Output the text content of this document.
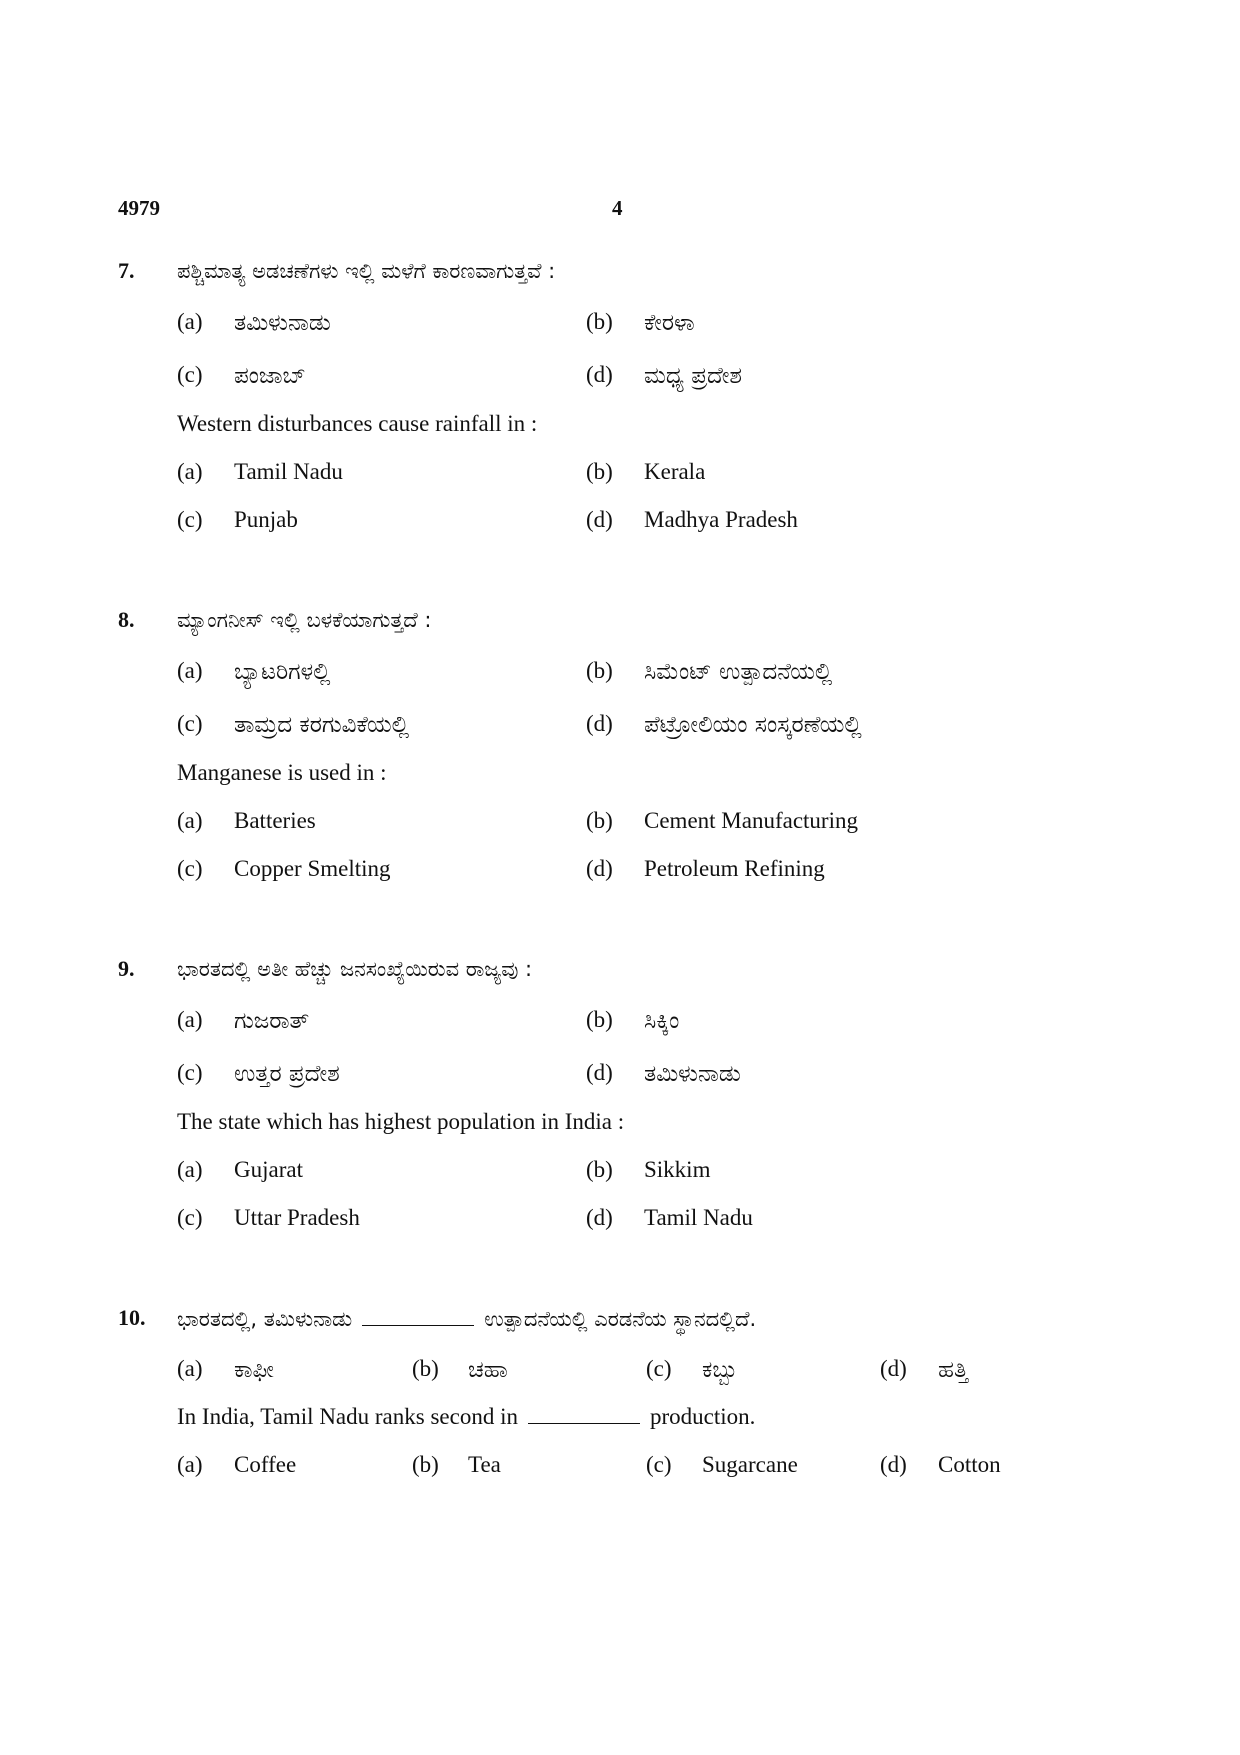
4979	4
7. ಪಶ್ಚಿಮಾತ್ಯ ಅಡಚಣೆಗಳು ಇಲ್ಲಿ ಮಳೆಗೆ ಕಾರಣವಾಗುತ್ತವೆ :
(a) ತಮಿಳುನಾಡು	(b) ಕೇರಳಾ
(c) ಪಂಜಾಬ್	(d) ಮಧ್ಯ ಪ್ರದೇಶ
Western disturbances cause rainfall in :
(a) Tamil Nadu	(b) Kerala
(c) Punjab	(d) Madhya Pradesh
8. ಮ್ಯಾಂಗನೀಸ್ ಇಲ್ಲಿ ಬಳಕೆಯಾಗುತ್ತದೆ :
(a) ಬ್ಯಾಟರಿಗಳಲ್ಲಿ	(b) ಸಿಮೆಂಟ್ ಉತ್ಪಾದನೆಯಲ್ಲಿ
(c) ತಾಮ್ರದ ಕರಗುವಿಕೆಯಲ್ಲಿ	(d) ಪೆಟ್ರೋಲಿಯಂ ಸಂಸ್ಕರಣೆಯಲ್ಲಿ
Manganese is used in :
(a) Batteries	(b) Cement Manufacturing
(c) Copper Smelting	(d) Petroleum Refining
9. ಭಾರತದಲ್ಲಿ ಅತೀ ಹೆಚ್ಚು ಜನಸಂಖ್ಯೆಯಿರುವ ರಾಜ್ಯವು :
(a) ಗುಜರಾತ್	(b) ಸಿಕ್ಕಿಂ
(c) ಉತ್ತರ ಪ್ರದೇಶ	(d) ತಮಿಳುನಾಡು
The state which has highest population in India :
(a) Gujarat	(b) Sikkim
(c) Uttar Pradesh	(d) Tamil Nadu
10. ಭಾರತದಲ್ಲಿ, ತಮಿಳುನಾಡು	ಉತ್ಪಾದನೆಯಲ್ಲಿ ಎರಡನೆಯ ಸ್ಥಾನದಲ್ಲಿದೆ.
(a) ಕಾಫೀ	(b) ಚಹಾ	(c) ಕಬ್ಬು	(d) ಹತ್ತಿ
In India, Tamil Nadu ranks second in	production.
(a) Coffee	(b) Tea	(c) Sugarcane	(d) Cotton
